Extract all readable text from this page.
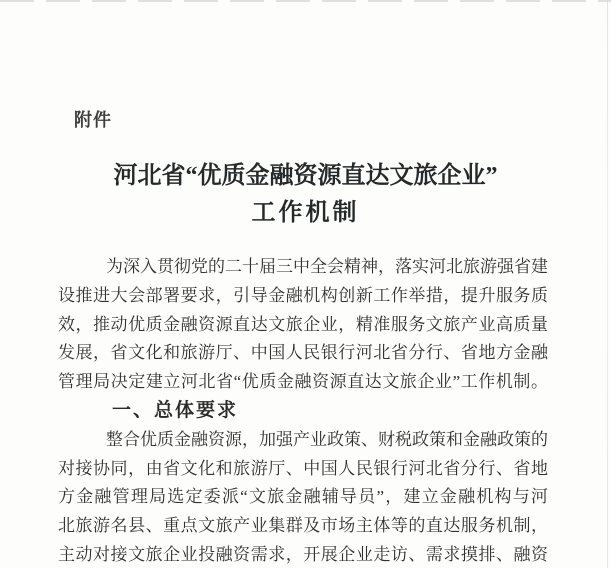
附件
河北省“优质金融资源直达文旅企业”
工作机制
为深入贯彻党的二十届三中全会精神，落实河北旅游强省建
设推进大会部署要求，引导金融机构创新工作举措，提升服务质
效，推动优质金融资源直达文旅企业，精准服务文旅产业高质量
发展，省文化和旅游厅、中国人民银行河北省分行、省地方金融
管理局决定建立河北省“优质金融资源直达文旅企业”工作机制。
一、总体要求
整合优质金融资源，加强产业政策、财税政策和金融政策的
对接协同，由省文化和旅游厅、中国人民银行河北省分行、省地
方金融管理局选定委派“文旅金融辅导员”，建立金融机构与河
北旅游名县、重点文旅产业集群及市场主体等的直达服务机制，
主动对接文旅企业投融资需求，开展企业走访、需求摸排、融资
